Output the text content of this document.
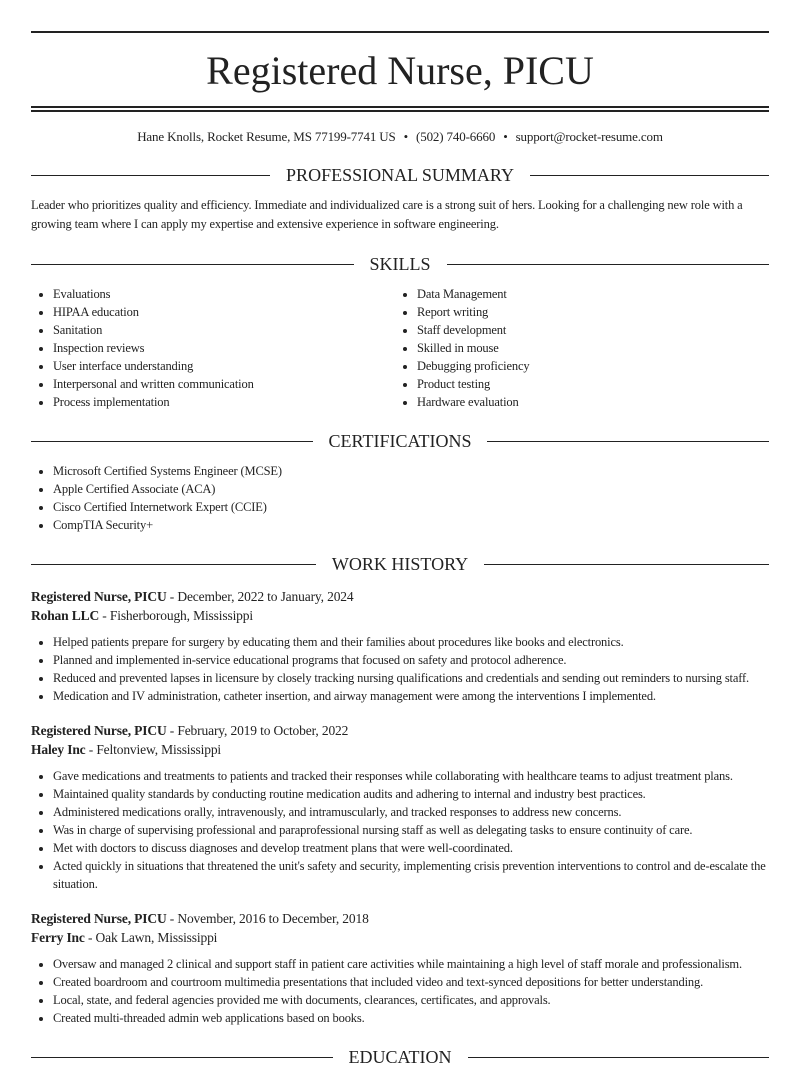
Registered Nurse, PICU
Hane Knolls, Rocket Resume, MS 77199-7741 US • (502) 740-6660 • support@rocket-resume.com
PROFESSIONAL SUMMARY

Leader who prioritizes quality and efficiency. Immediate and individualized care is a strong suit of hers. Looking for a challenging new role with a growing team where I can apply my expertise and extensive experience in software engineering.

SKILLS
• Evaluations
• HIPAA education
• Sanitation
• Inspection reviews
• User interface understanding
• Interpersonal and written communication
• Process implementation
• Data Management
• Report writing
• Staff development
• Skilled in mouse
• Debugging proficiency
• Product testing
• Hardware evaluation
CERTIFICATIONS
• Microsoft Certified Systems Engineer (MCSE)
• Apple Certified Associate (ACA)
• Cisco Certified Internetwork Expert (CCIE)
• CompTIA Security+
WORK HISTORY
Registered Nurse, PICU - December, 2022 to January, 2024
Rohan LLC - Fisherborough, Mississippi
• Helped patients prepare for surgery by educating them and their families about procedures like books and electronics.
• Planned and implemented in-service educational programs that focused on safety and protocol adherence.
• Reduced and prevented lapses in licensure by closely tracking nursing qualifications and credentials and sending out reminders to nursing staff.
• Medication and IV administration, catheter insertion, and airway management were among the interventions I implemented.
Registered Nurse, PICU - February, 2019 to October, 2022
Haley Inc - Feltonview, Mississippi
• Gave medications and treatments to patients and tracked their responses while collaborating with healthcare teams to adjust treatment plans.
• Maintained quality standards by conducting routine medication audits and adhering to internal and industry best practices.
• Administered medications orally, intravenously, and intramuscularly, and tracked responses to address new concerns.
• Was in charge of supervising professional and paraprofessional nursing staff as well as delegating tasks to ensure continuity of care.
• Met with doctors to discuss diagnoses and develop treatment plans that were well-coordinated.
• Acted quickly in situations that threatened the unit's safety and security, implementing crisis prevention interventions to control and de-escalate the situation.
Registered Nurse, PICU - November, 2016 to December, 2018
Ferry Inc - Oak Lawn, Mississippi
• Oversaw and managed 2 clinical and support staff in patient care activities while maintaining a high level of staff morale and professionalism.
• Created boardroom and courtroom multimedia presentations that included video and text-synced depositions for better understanding.
• Local, state, and federal agencies provided me with documents, clearances, certificates, and approvals.
• Created multi-threaded admin web applications based on books.
EDUCATION
